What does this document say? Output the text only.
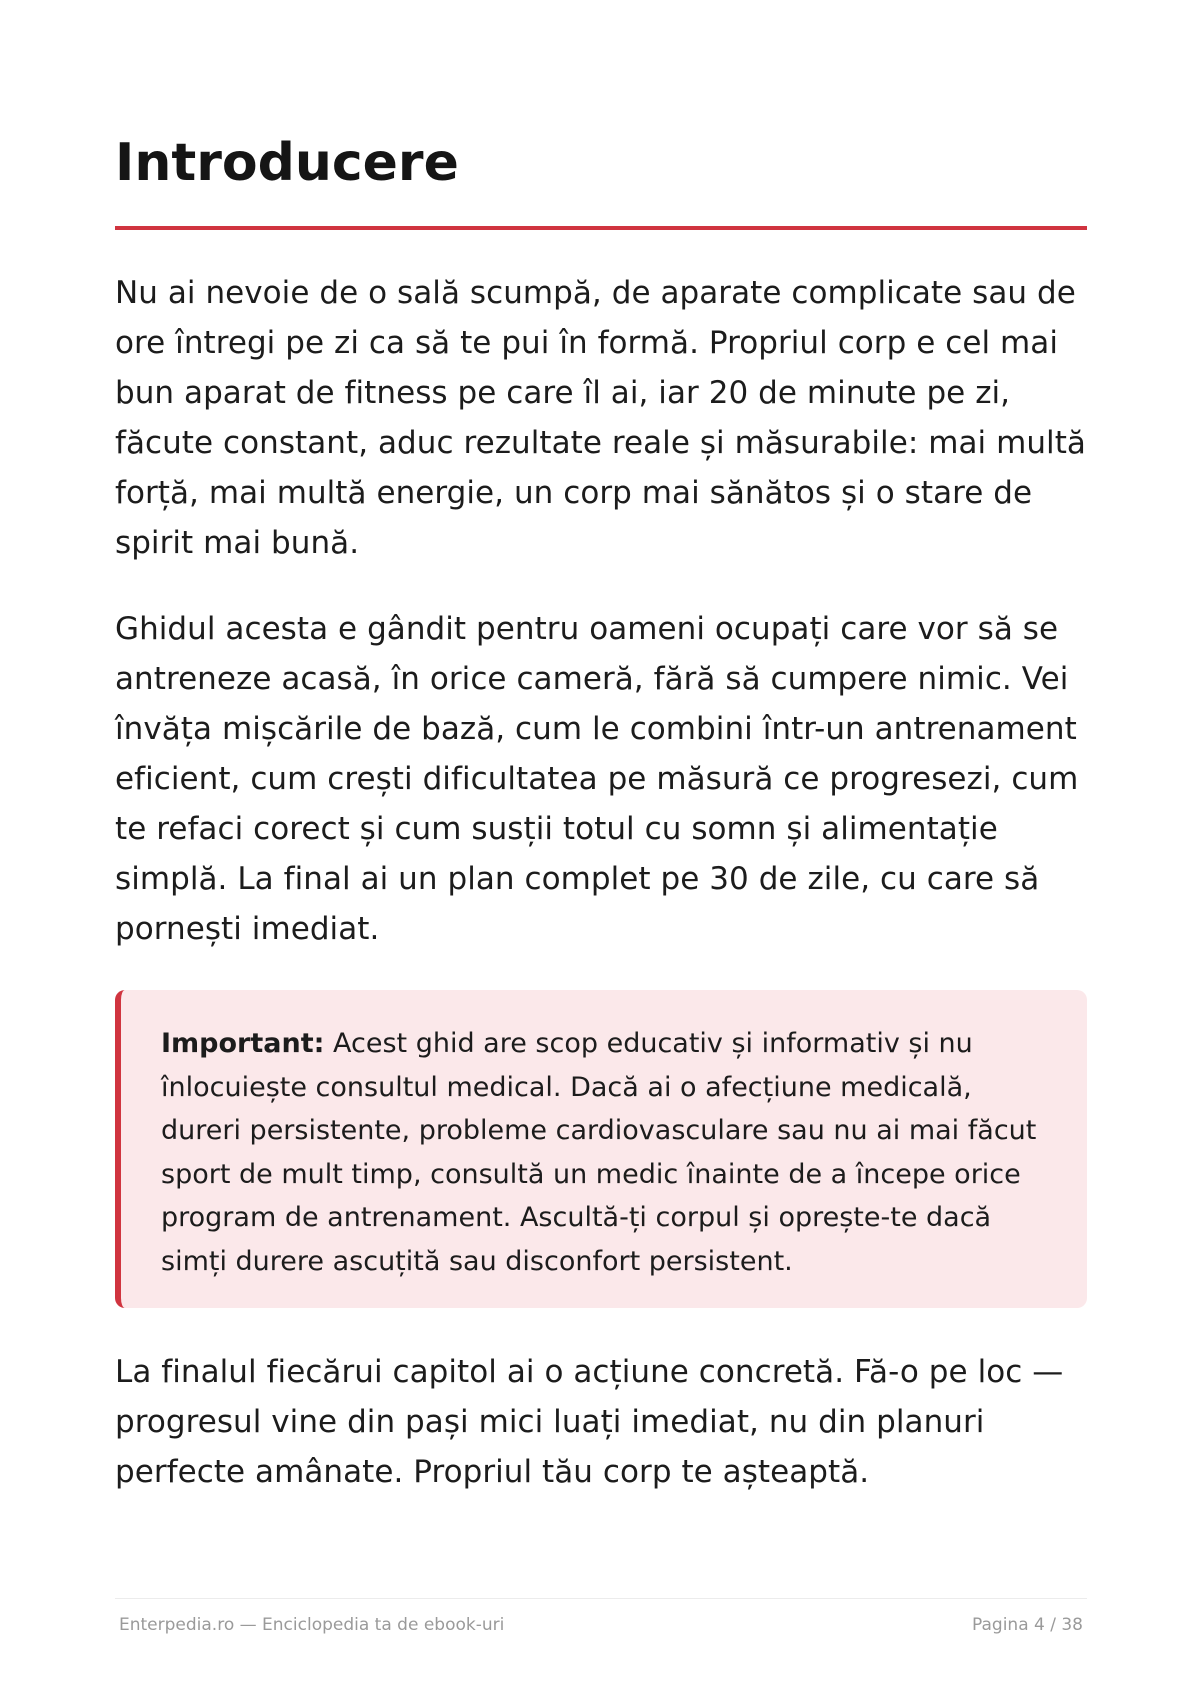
Introducere

Nu ai nevoie de o sală scumpă, de aparate complicate sau de ore întregi pe zi ca să te pui în formă. Propriul corp e cel mai bun aparat de fitness pe care îl ai, iar 20 de minute pe zi, făcute constant, aduc rezultate reale și măsurabile: mai multă forță, mai multă energie, un corp mai sănătos și o stare de spirit mai bună.

Ghidul acesta e gândit pentru oameni ocupați care vor să se antreneze acasă, în orice cameră, fără să cumpere nimic. Vei învăța mișcările de bază, cum le combini într-un antrenament eficient, cum crești dificultatea pe măsură ce progresezi, cum te refaci corect și cum susții totul cu somn și alimentație simplă. La final ai un plan complet pe 30 de zile, cu care să pornești imediat.

Important: Acest ghid are scop educativ și informativ și nu înlocuiește consultul medical. Dacă ai o afecțiune medicală, dureri persistente, probleme cardiovasculare sau nu ai mai făcut sport de mult timp, consultă un medic înainte de a începe orice program de antrenament. Ascultă-ți corpul și oprește-te dacă simți durere ascuțită sau disconfort persistent.

La finalul fiecărui capitol ai o acțiune concretă. Fă-o pe loc — progresul vine din pași mici luați imediat, nu din planuri perfecte amânate. Propriul tău corp te așteaptă.

Enterpedia.ro — Enciclopedia ta de ebook-uri	Pagina 4 / 38
